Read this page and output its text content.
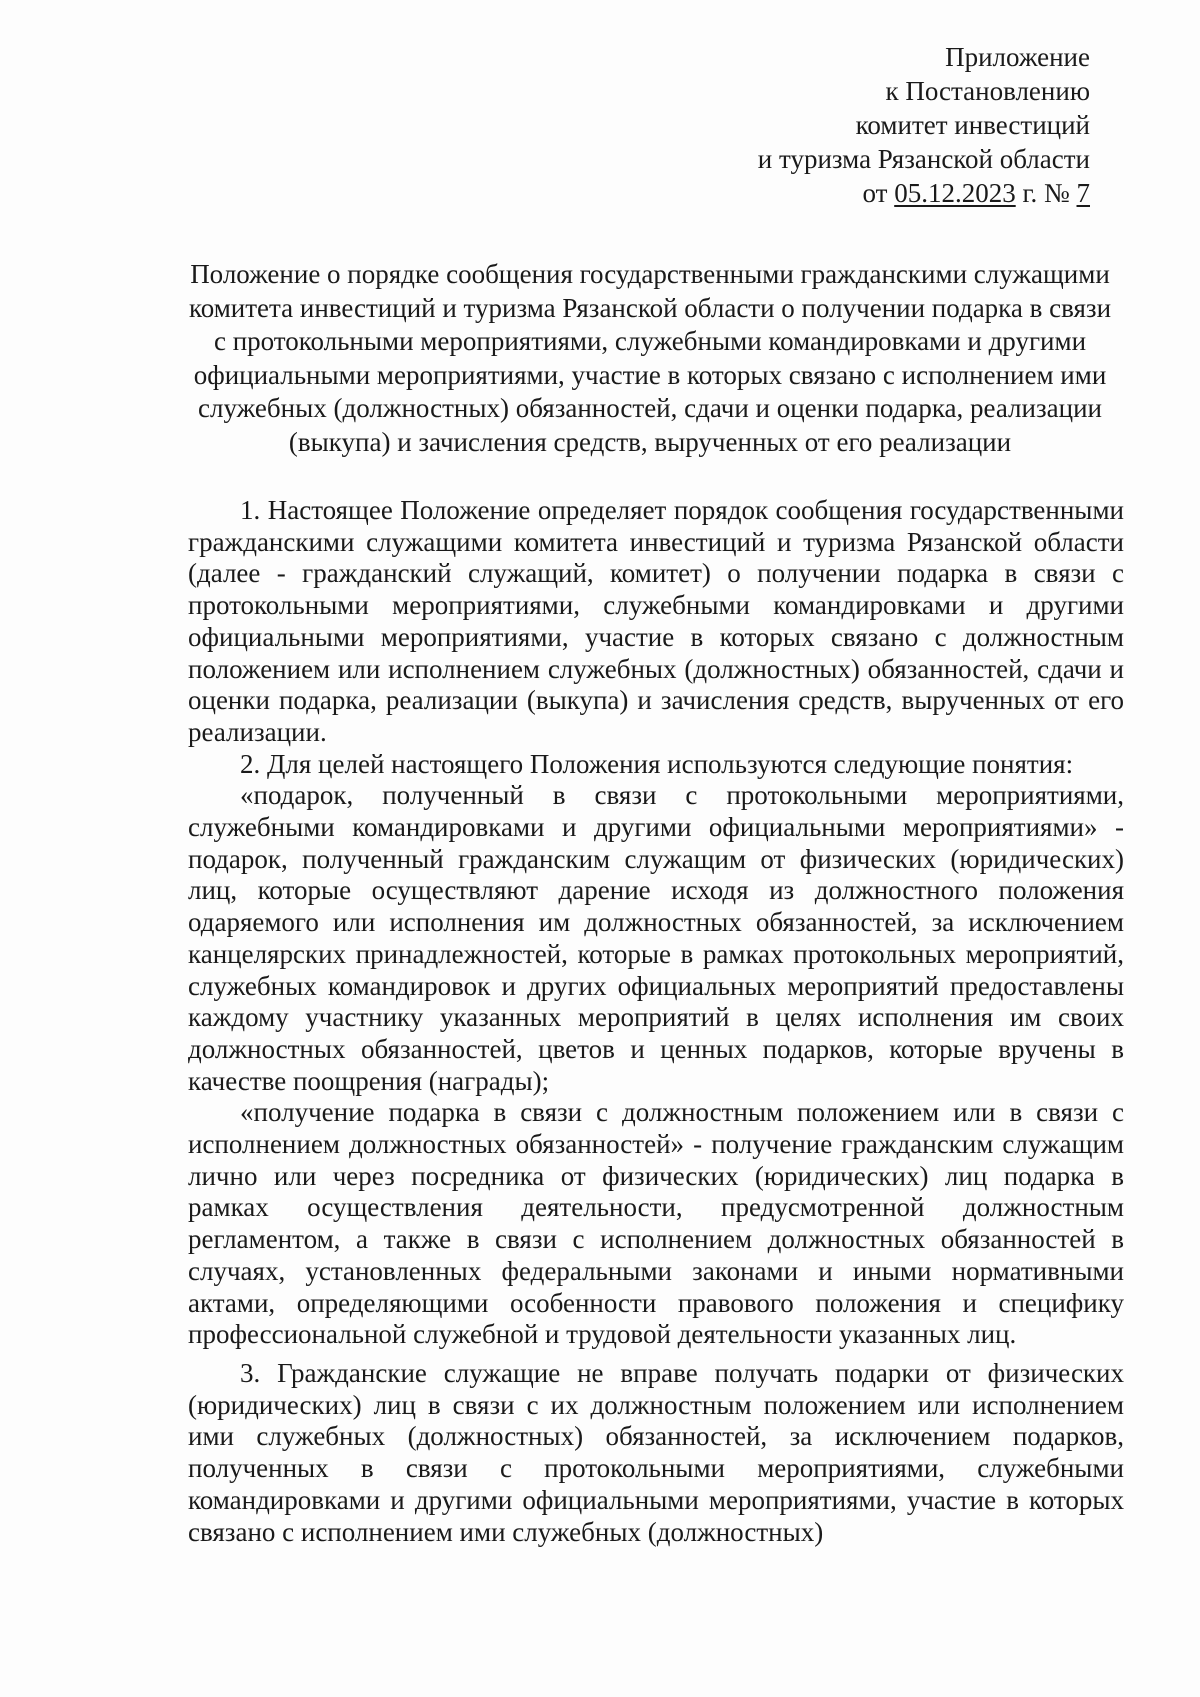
Приложение
к Постановлению
комитет инвестиций
и туризма Рязанской области
от 05.12.2023 г. № 7
Положение о порядке сообщения государственными гражданскими служащими комитета инвестиций и туризма Рязанской области о получении подарка в связи с протокольными мероприятиями, служебными командировками и другими официальными мероприятиями, участие в которых связано с исполнением ими служебных (должностных) обязанностей, сдачи и оценки подарка, реализации (выкупа) и зачисления средств, вырученных от его реализации

1. Настоящее Положение определяет порядок сообщения государственными гражданскими служащими комитета инвестиций и туризма Рязанской области (далее - гражданский служащий, комитет) о получении подарка в связи с протокольными мероприятиями, служебными командировками и другими официальными мероприятиями, участие в которых связано с должностным положением или исполнением служебных (должностных) обязанностей, сдачи и оценки подарка, реализации (выкупа) и зачисления средств, вырученных от его реализации.

2. Для целей настоящего Положения используются следующие понятия:

«подарок, полученный в связи с протокольными мероприятиями, служебными командировками и другими официальными мероприятиями» - подарок, полученный гражданским служащим от физических (юридических) лиц, которые осуществляют дарение исходя из должностного положения одаряемого или исполнения им должностных обязанностей, за исключением канцелярских принадлежностей, которые в рамках протокольных мероприятий, служебных командировок и других официальных мероприятий предоставлены каждому участнику указанных мероприятий в целях исполнения им своих должностных обязанностей, цветов и ценных подарков, которые вручены в качестве поощрения (награды);

«получение подарка в связи с должностным положением или в связи с исполнением должностных обязанностей» - получение гражданским служащим лично или через посредника от физических (юридических) лиц подарка в рамках осуществления деятельности, предусмотренной должностным регламентом, а также в связи с исполнением должностных обязанностей в случаях, установленных федеральными законами и иными нормативными актами, определяющими особенности правового положения и специфику профессиональной служебной и трудовой деятельности указанных лиц.

3. Гражданские служащие не вправе получать подарки от физических (юридических) лиц в связи с их должностным положением или исполнением ими служебных (должностных) обязанностей, за исключением подарков, полученных в связи с протокольными мероприятиями, служебными командировками и другими официальными мероприятиями, участие в которых связано с исполнением ими служебных (должностных)
